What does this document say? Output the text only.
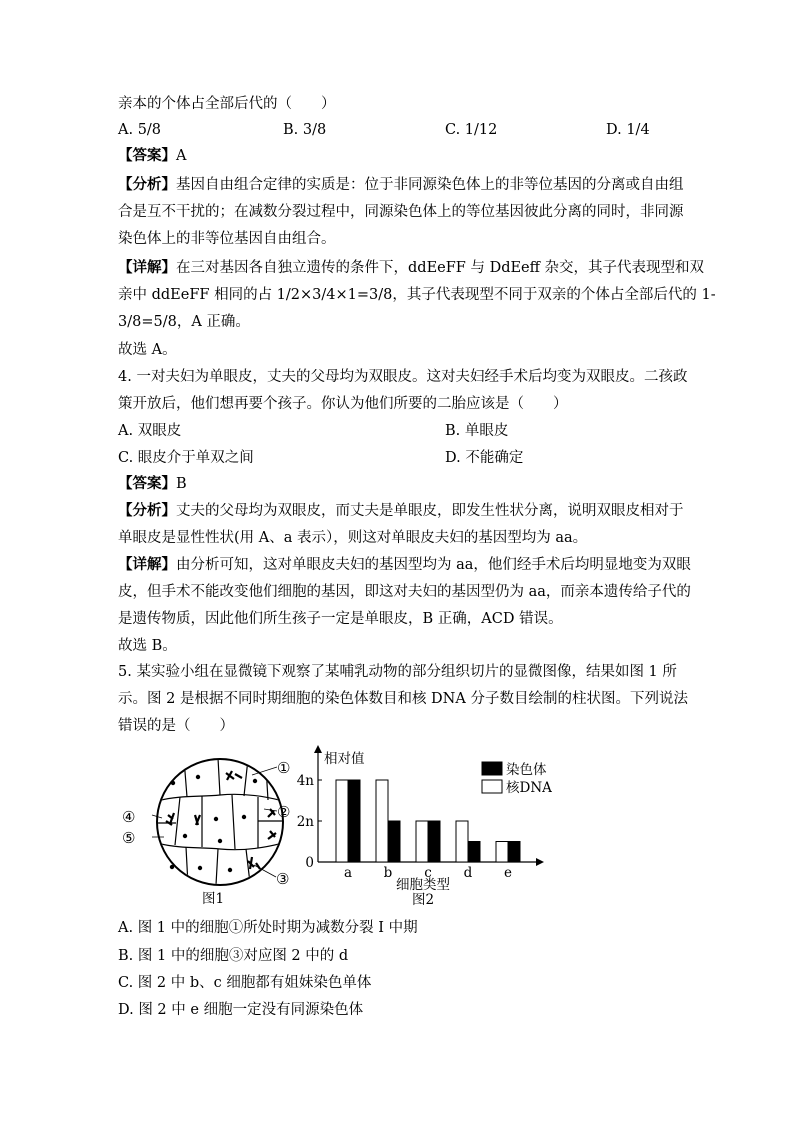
亲本的个体占全部后代的（　　）
A. 5/8	B. 3/8	C. 1/12	D. 1/4
【答案】A
【分析】基因自由组合定律的实质是：位于非同源染色体上的非等位基因的分离或自由组
合是互不干扰的；在减数分裂过程中，同源染色体上的等位基因彼此分离的同时，非同源
染色体上的非等位基因自由组合。
【详解】在三对基因各自独立遗传的条件下，ddEeFF 与 DdEeff 杂交，其子代表现型和双
亲中 ddEeFF 相同的占 1/2×3/4×1=3/8，其子代表现型不同于双亲的个体占全部后代的 1-
3/8=5/8，A 正确。
故选 A。
4. 一对夫妇为单眼皮，丈夫的父母均为双眼皮。这对夫妇经手术后均变为双眼皮。二孩政
策开放后，他们想再要个孩子。你认为他们所要的二胎应该是（　　）
A. 双眼皮	B. 单眼皮
C. 眼皮介于单双之间	D. 不能确定
【答案】B
【分析】丈夫的父母均为双眼皮，而丈夫是单眼皮，即发生性状分离，说明双眼皮相对于
单眼皮是显性性状(用 A、a 表示），则这对单眼皮夫妇的基因型均为 aa。
【详解】由分析可知，这对单眼皮夫妇的基因型均为 aa，他们经手术后均明显地变为双眼
皮，但手术不能改变他们细胞的基因，即这对夫妇的基因型仍为 aa，而亲本遗传给子代的
是遗传物质，因此他们所生孩子一定是单眼皮，B 正确，ACD 错误。
故选 B。
5. 某实验小组在显微镜下观察了某哺乳动物的部分组织切片的显微图像，结果如图 1 所
示。图 2 是根据不同时期细胞的染色体数目和核 DNA 分子数目绘制的柱状图。下列说法
错误的是（　　）
①
②
③
④
⑤
图1
相对值
细胞类型
图2
0
2n
4n
a b c d e
染色体
核DNA
A. 图 1 中的细胞①所处时期为减数分裂 I 中期
B. 图 1 中的细胞③对应图 2 中的 d
C. 图 2 中 b、c 细胞都有姐妹染色单体
D. 图 2 中 e 细胞一定没有同源染色体
